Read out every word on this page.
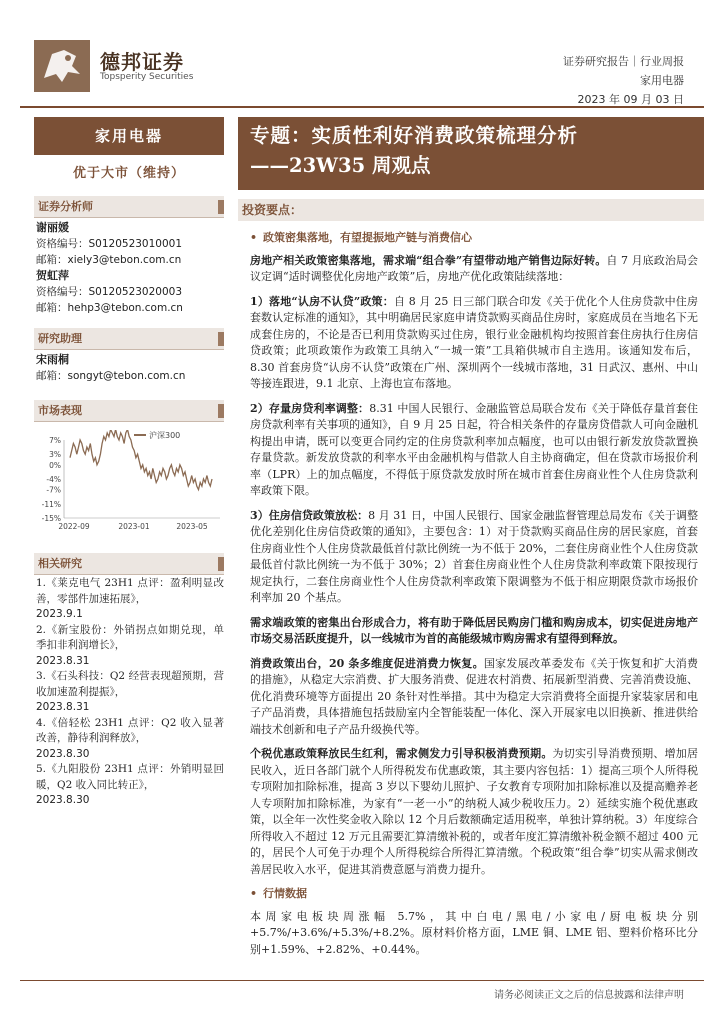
德邦证券
Topsperity Securities
证券研究报告｜行业周报
家用电器
2023 年 09 月 03 日
家用电器
优于大市（维持）
证券分析师
谢丽媛
资格编号：S0120523010001
邮箱：xiely3@tebon.com.cn
贺虹萍
资格编号：S0120523020003
邮箱：hehp3@tebon.com.cn
研究助理
宋雨桐
邮箱：songyt@tebon.com.cn
市场表现
7%
3%
0%
-4%
-7%
-11%
-15%
2022-09	2023-01	2023-05
沪深300
相关研究
1.《莱克电气 23H1 点评：盈利明显改善，零部件加速拓展》，
2023.9.1
2.《新宝股份：外销拐点如期兑现，单季扣非利润增长》，
2023.8.31
3.《石头科技：Q2 经营表现超预期，营收加速盈利提振》，
2023.8.31
4.《倍轻松 23H1 点评：Q2 收入显著改善，静待利润释放》，
2023.8.30
5.《九阳股份 23H1 点评：外销明显回暖，Q2 收入同比转正》，
2023.8.30
专题：实质性利好消费政策梳理分析
——23W35 周观点
投资要点：

• 政策密集落地，有望提振地产链与消费信心

房地产相关政策密集落地，需求端“组合拳”有望带动地产销售边际好转。自 7 月底政治局会议定调“适时调整优化房地产政策”后，房地产优化政策陆续落地：

1）落地“认房不认贷”政策：自 8 月 25 日三部门联合印发《关于优化个人住房贷款中住房套数认定标准的通知》，其中明确居民家庭申请贷款购买商品住房时，家庭成员在当地名下无成套住房的，不论是否已利用贷款购买过住房，银行业金融机构均按照首套住房执行住房信贷政策；此项政策作为政策工具纳入“一城一策”工具箱供城市自主选用。该通知发布后，8.30 首套房贷“认房不认贷”政策在广州、深圳两个一线城市落地，31 日武汉、惠州、中山等接连跟进，9.1 北京、上海也宣布落地。

2）存量房贷利率调整：8.31 中国人民银行、金融监管总局联合发布《关于降低存量首套住房贷款利率有关事项的通知》，自 9 月 25 日起，符合相关条件的存量房贷借款人可向金融机构提出申请，既可以变更合同约定的住房贷款利率加点幅度，也可以由银行新发放贷款置换存量贷款。新发放贷款的利率水平由金融机构与借款人自主协商确定，但在贷款市场报价利率（LPR）上的加点幅度，不得低于原贷款发放时所在城市首套住房商业性个人住房贷款利率政策下限。

3）住房信贷政策放松：8 月 31 日，中国人民银行、国家金融监督管理总局发布《关于调整优化差别化住房信贷政策的通知》，主要包含：1）对于贷款购买商品住房的居民家庭，首套住房商业性个人住房贷款最低首付款比例统一为不低于 20%，二套住房商业性个人住房贷款最低首付款比例统一为不低于 30%；2）首套住房商业性个人住房贷款利率政策下限按现行规定执行，二套住房商业性个人住房贷款利率政策下限调整为不低于相应期限贷款市场报价利率加 20 个基点。

需求端政策的密集出台形成合力，将有助于降低居民购房门槛和购房成本，切实促进房地产市场交易活跃度提升，以一线城市为首的高能级城市购房需求有望得到释放。

消费政策出台，20 条多维度促进消费力恢复。国家发展改革委发布《关于恢复和扩大消费的措施》，从稳定大宗消费、扩大服务消费、促进农村消费、拓展新型消费、完善消费设施、优化消费环境等方面提出 20 条针对性举措。其中为稳定大宗消费将全面提升家装家居和电子产品消费，具体措施包括鼓励室内全智能装配一体化、深入开展家电以旧换新、推进供给端技术创新和电子产品升级换代等。

个税优惠政策释放民生红利，需求侧发力引导积极消费预期。为切实引导消费预期、增加居民收入，近日各部门就个人所得税发布优惠政策，其主要内容包括：1）提高三项个人所得税专项附加扣除标准，提高 3 岁以下婴幼儿照护、子女教育专项附加扣除标准以及提高赡养老人专项附加扣除标准，为家有“一老一小”的纳税人减少税收压力。2）延续实施个税优惠政策，以全年一次性奖金收入除以 12 个月后数额确定适用税率，单独计算纳税。3）年度综合所得收入不超过 12 万元且需要汇算清缴补税的，或者年度汇算清缴补税金额不超过 400 元的，居民个人可免于办理个人所得税综合所得汇算清缴。个税政策“组合拳”切实从需求侧改善居民收入水平，促进其消费意愿与消费力提升。

• 行情数据

本周家电板块周涨幅 5.7%，其中白电/黑电/小家电/厨电板块分别+5.7%/+3.6%/+5.3%/+8.2%。原材料价格方面，LME 铜、LME 铝、塑料价格环比分别+1.59%、+2.82%、+0.44%。

请务必阅读正文之后的信息披露和法律声明
